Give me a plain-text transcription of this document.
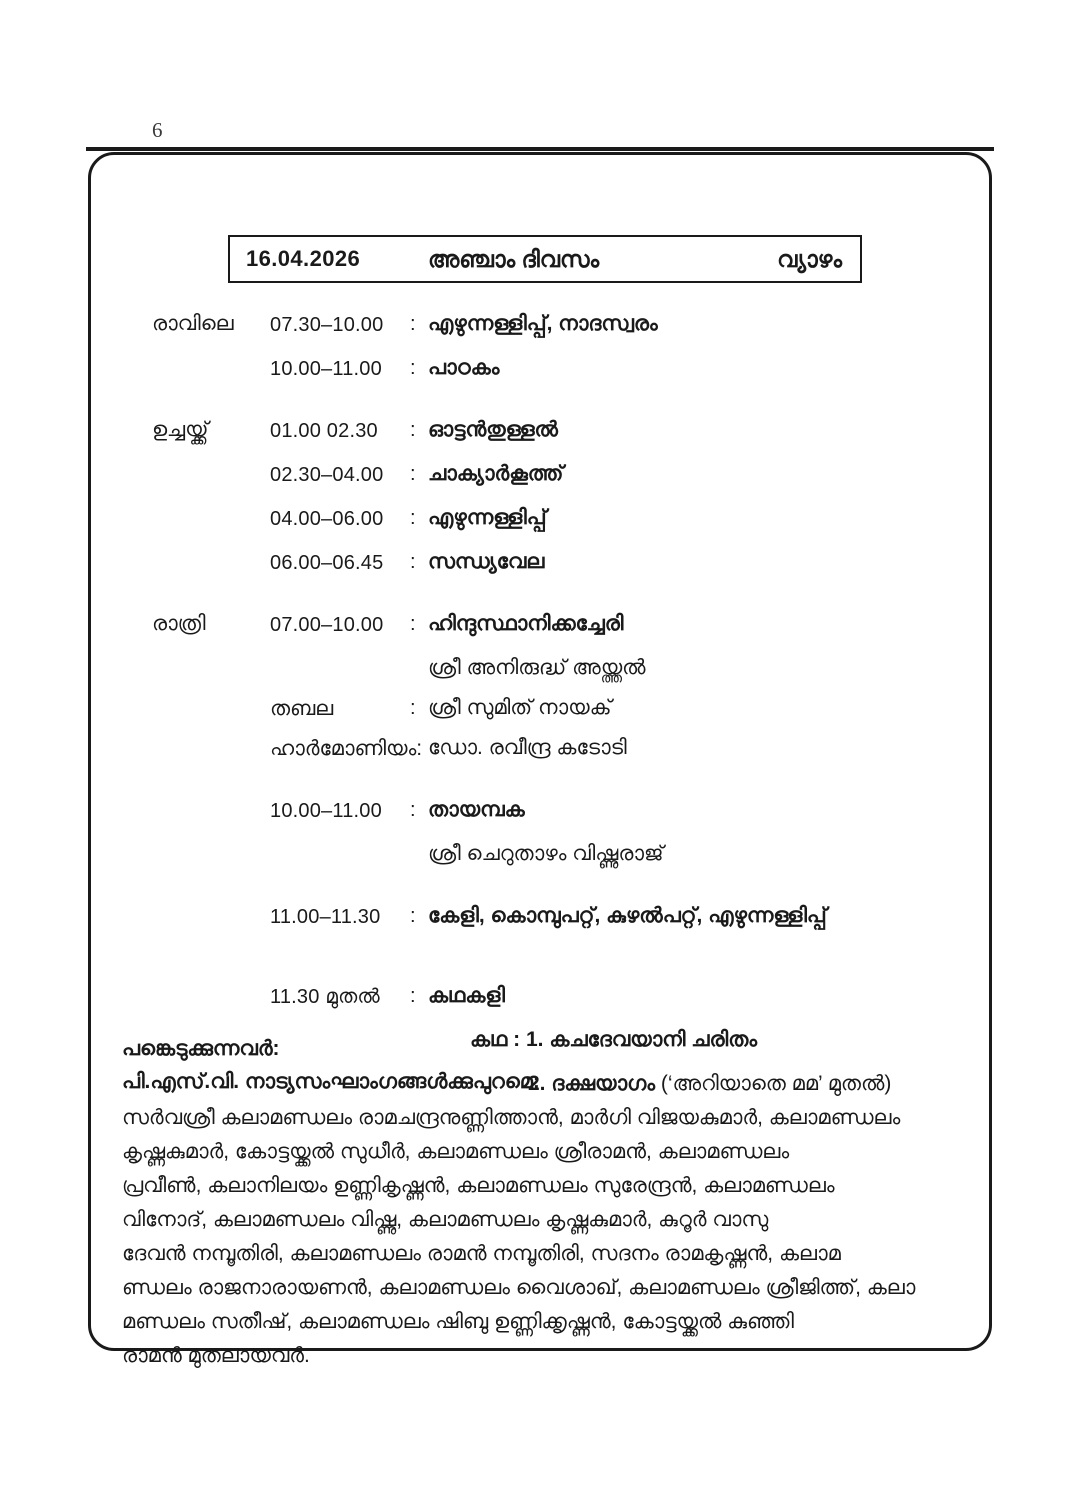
6
16.04.2026	അഞ്ചാം ദിവസം	വ്യാഴം
രാവിലെ 07.30–10.00 : എഴുന്നള്ളിപ്പ്, നാദസ്വരം
10.00–11.00 : പാഠകം
ഉച്ചയ്ക്ക്	01.00 02.30 : ഓട്ടൻതുള്ളൽ
02.30–04.00 : ചാക്യാർകൂത്ത്
04.00–06.00 : എഴുന്നള്ളിപ്പ്
06.00–06.45 : സന്ധ്യവേല
രാത്രി	07.00–10.00 : ഹിന്ദുസ്ഥാനിക്കച്ചേരി
ശ്രീ അനിരുദ്ധ് അയ്ത്തൽ
തബല	: ശ്രീ സുമിത് നായക്
ഹാർമോണിയം: ഡോ. രവീന്ദ്ര കടോടി
10.00–11.00 : തായമ്പക
ശ്രീ ചെറുതാഴം വിഷ്ണുരാജ്
11.00–11.30 : കേളി, കൊമ്പുപറ്റ്, കുഴൽപറ്റ്, എഴുന്നള്ളിപ്പ്
11.30 മുതൽ : കഥകളി
കഥ : 1. കചദേവയാനി ചരിതം
2. ദക്ഷയാഗം (‘അറിയാതെ മമ’ മുതൽ)
പങ്കെടുക്കുന്നവർ:
പി.എസ്.വി. നാട്യസംഘാംഗങ്ങൾക്കുപുറമെ:
സർവശ്രീ കലാമണ്ഡലം രാമചന്ദ്രനുണ്ണിത്താൻ, മാർഗി വിജയകുമാർ, കലാമണ്ഡലം
കൃഷ്ണകുമാർ, കോട്ടയ്ക്കൽ സുധീർ, കലാമണ്ഡലം ശ്രീരാമൻ, കലാമണ്ഡലം
പ്രവീൺ, കലാനിലയം ഉണ്ണികൃഷ്ണൻ, കലാമണ്ഡലം സുരേന്ദ്രൻ, കലാമണ്ഡലം
വിനോദ്, കലാമണ്ഡലം വിഷ്ണു, കലാമണ്ഡലം കൃഷ്ണകുമാർ, കുറൂർ വാസു
ദേവൻ നമ്പൂതിരി, കലാമണ്ഡലം രാമൻ നമ്പൂതിരി, സദനം രാമകൃഷ്ണൻ, കലാമ
ണ്ഡലം രാജനാരായണൻ, കലാമണ്ഡലം വൈശാഖ്, കലാമണ്ഡലം ശ്രീജിത്ത്, കലാ
മണ്ഡലം സതീഷ്, കലാമണ്ഡലം ഷിബു ഉണ്ണിക്കൃഷ്ണൻ, കോട്ടയ്ക്കൽ കുഞ്ഞി
രാമൻ മുതലായവർ.
